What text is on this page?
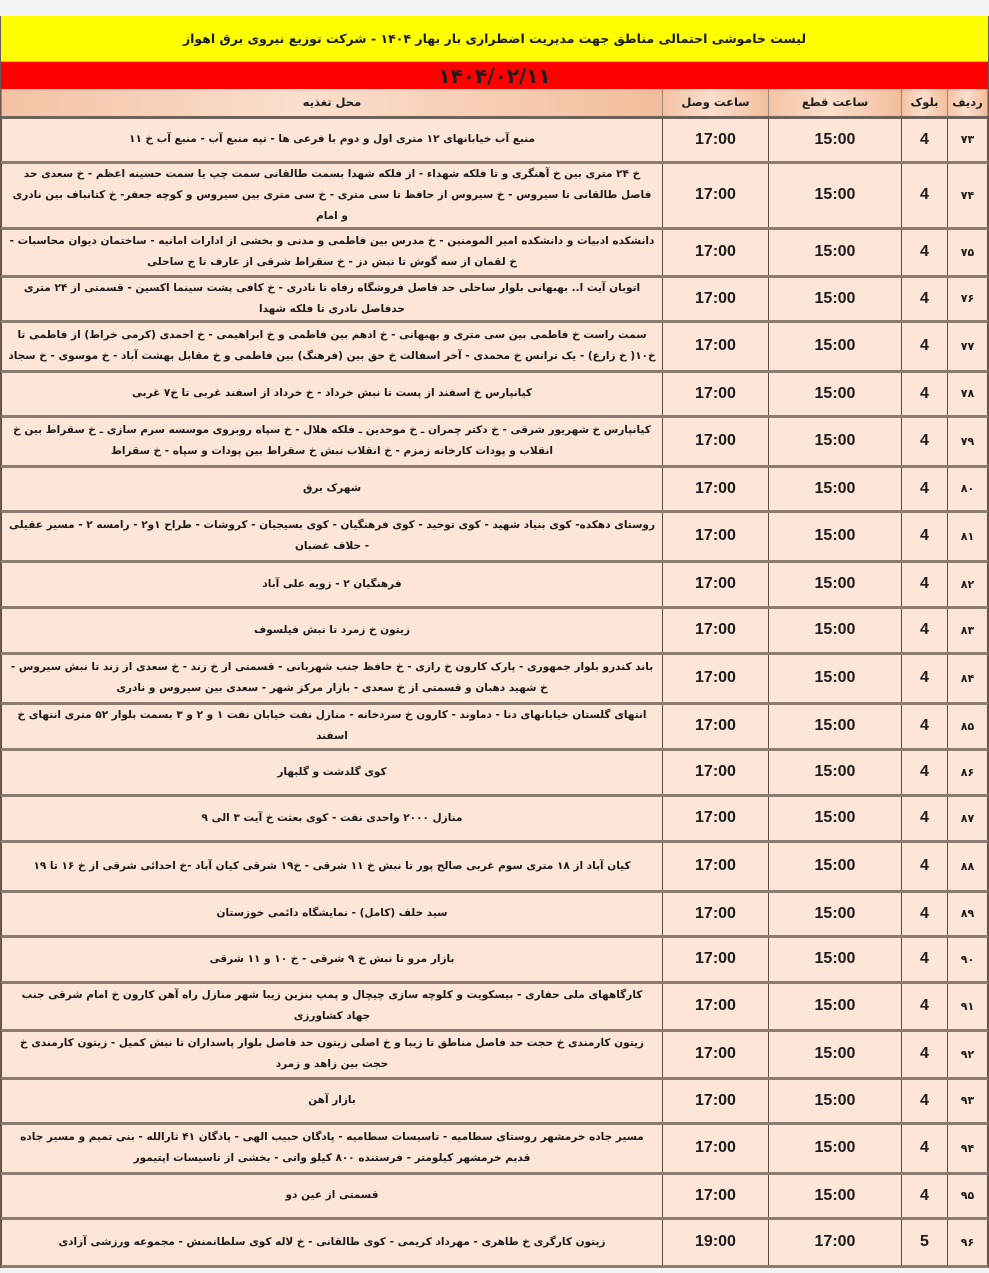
لیست خاموشی احتمالی مناطق جهت مدیریت اضطراری بار بهار ۱۴۰۴ - شرکت توزیع نیروی برق اهواز
۱۴۰۴/۰۲/۱۱
ردیف	بلوک	ساعت قطع	ساعت وصل	محل تغذیه
۷۳	4	15:00	17:00	منبع آب خیابانهای ۱۲ متری اول و دوم با فرعی ها - تپه منبع آب - منبع آب خ ۱۱
۷۴	4	15:00	17:00	خ ۲۴ متری بین خ آهنگری و تا فلکه شهداء - از فلکه شهدا بسمت طالقانی سمت چپ یا سمت حسینه اعظم - خ سعدی حد فاصل طالقانی تا سیروس - خ سیروس از حافظ تا سی متری - خ سی متری بین سیروس و کوچه جعفر- خ کتانباف بین نادری و امام
۷۵	4	15:00	17:00	دانشکده ادبیات و دانشکده امیر المومنین - خ مدرس بین فاطمی و مدنی و بخشی از ادارات امانیه - ساختمان دیوان محاسبات - خ لقمان از سه گوش تا نبش دز - خ سقراط شرقی از عارف تا ج ساحلی
۷۶	4	15:00	17:00	اتوبان آیت ا.. بهبهانی بلوار ساحلی حد فاصل فروشگاه رفاه تا نادری - خ کافی پشت سینما اکسین - قسمتی از ۲۴ متری حدفاصل نادری تا فلکه شهدا
۷۷	4	15:00	17:00	سمت راست خ فاطمی بین سی متری و بهبهانی - خ ادهم بین فاطمی و خ ابراهیمی - خ احمدی (کرمی خراط) از فاطمی تا خ۱۰( خ زارع) - یک ترانس خ محمدی - آخر اسفالت خ حق بین (فرهنگ) بین فاطمی و خ مقابل بهشت آباد - خ موسوی - خ سجاد
۷۸	4	15:00	17:00	کیانپارس خ اسفند از پست تا نبش خرداد - خ خرداد از اسفند غربی تا خ۷ غربی
۷۹	4	15:00	17:00	کیانپارس خ شهریور شرقی - خ دکتر چمران ـ خ موحدین ـ فلکه هلال - خ سپاه روبروی موسسه سرم سازی ـ خ سقراط بین خ انقلاب و پودات کارخانه زمزم - خ انقلاب نبش خ سقراط بین پودات و سپاه - خ سقراط
۸۰	4	15:00	17:00	شهرک برق
۸۱	4	15:00	17:00	روستای دهکده- کوی بنیاد شهید - کوی توحید - کوی فرهنگیان - کوی بسیجیان - کروشات - طراح ۱و۲ - رامسه ۲ - مسیر عقیلی - حلاف غضبان
۸۲	4	15:00	17:00	فرهنگیان ۲ - زویه علی آباد
۸۳	4	15:00	17:00	زیتون خ زمرد تا نبش فیلسوف
۸۴	4	15:00	17:00	باند کندرو بلوار جمهوری - پارک کارون خ رازی - خ حافظ جنب شهربانی - قسمتی از خ زند - خ سعدی از زند تا نبش سیروس - خ شهید دهبان و قسمتی از خ سعدی - بازار مرکز شهر - سعدی بین سیروس و نادری
۸۵	4	15:00	17:00	انتهای گلستان خیابانهای دنا - دماوند - کارون خ سردخانه - منازل نفت خیابان نفت ۱ و ۲ و ۳ بسمت بلوار ۵۲ متری انتهای خ اسفند
۸۶	4	15:00	17:00	کوی گلدشت و گلبهار
۸۷	4	15:00	17:00	منازل ۲۰۰۰ واحدی نفت - کوی بعثت خ آیت ۳ الی ۹
۸۸	4	15:00	17:00	کیان آباد از ۱۸ متری سوم غربی صالح پور تا نبش خ ۱۱ شرقی - خ۱۹ شرقی کیان آباد -خ احدائی شرقی از خ ۱۶ تا ۱۹
۸۹	4	15:00	17:00	سید خلف (کامل) - نمایشگاه دائمی خوزستان
۹۰	4	15:00	17:00	بازار مرو تا نبش خ ۹ شرقی - خ ۱۰ و ۱۱ شرقی
۹۱	4	15:00	17:00	کارگاههای ملی حفاری - بیسکویت و کلوچه سازی چیچال و پمپ بنزین زیبا شهر منازل راه آهن کارون خ امام شرقی جنب جهاد کشاورزی
۹۲	4	15:00	17:00	زیتون کارمندی خ حجت حد فاصل مناطق تا زیبا و خ اصلی زیتون حد فاصل بلوار پاسداران تا نبش کمیل - زیتون کارمندی خ حجت بین زاهد و زمرد
۹۳	4	15:00	17:00	بازار آهن
۹۴	4	15:00	17:00	مسیر جاده خرمشهر روستای سطامیه - تاسیسات سطامیه - پادگان حبیب الهی - پادگان ۴۱ ثارالله - بنی تمیم و مسیر جاده قدیم خرمشهر کیلومتر - فرستنده ۸۰۰ کیلو واتی - بخشی از تاسیسات اپتیمور
۹۵	4	15:00	17:00	قسمتی از عین دو
۹۶	5	17:00	19:00	زیتون کارگری خ طاهری - مهرداد کریمی - کوی طالقانی - خ لاله کوی سلطانمنش - مجموعه ورزشی آزادی
